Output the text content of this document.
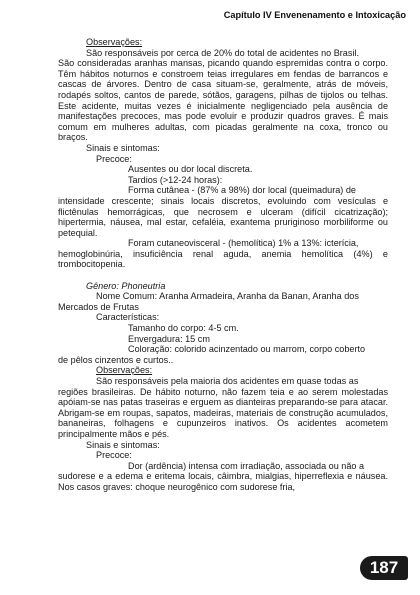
Capítulo IV Envenenamento e Intoxicação

Observações:

São responsáveis por cerca de 20% do total de acidentes no Brasil.

São consideradas aranhas mansas, picando quando espremidas contra o corpo. Têm hábitos noturnos e constroem teias irregulares em fendas de barrancos e cascas de árvores. Dentro de casa situam-se, geralmente, atrás de móveis, rodapés soltos, cantos de parede, sótãos, garagens, pilhas de tijolos ou telhas. Este acidente, muitas vezes é inicialmente negligenciado pela ausência de manifestações precoces, mas pode evoluir e produzir quadros graves. É mais comum em mulheres adultas, com picadas geralmente na coxa, tronco ou braços.

Sinais e sintomas:

Precoce:

Ausentes ou dor local discreta.

Tardios (>12-24 horas):

Forma cutânea - (87% a 98%) dor local (queimadura) de

intensidade crescente; sinais locais discretos, evoluindo com vesículas e flictênulas hemorrágicas, que necrosem e ulceram (difícil cicatrização); hipertermia, náusea, mal estar, cefaléia, exantema pruriginoso morbiliforme ou petequial.

Foram cutaneovisceral - (hemolítica) 1% a 13%: icterícia,

hemoglobinúria, insuficiência renal aguda, anemia hemolítica (4%) e trombocitopenia.

Gênero: Phoneutria

Nome Comum: Aranha Armadeira, Aranha da Banan, Aranha dos

Mercados de Frutas

Características:

Tamanho do corpo: 4-5 cm.

Envergadura: 15 cm

Coloração: colorido acinzentado ou marrom, corpo coberto

de pêlos cinzentos e curtos..

Observações:

São responsáveis pela maioria dos acidentes em quase todas as

regiões brasileiras. De hábito noturno, não fazem teia e ao serem molestadas apóiam-se nas patas traseiras e erguem as dianteiras preparando-se para atacar. Abrigam-se em roupas, sapatos, madeiras, materiais de construção acumulados, bananeiras, folhagens e cupunzeiros inativos. Os acidentes acometem principalmente mãos e pés.

Sinais e sintomas:

Precoce:

Dor (ardência) intensa com irradiação, associada ou não a

sudorese e a edema e eritema locais, câimbra, mialgias, hiperreflexia e náusea. Nos casos graves: choque neurogênico com sudorese fria,

187
